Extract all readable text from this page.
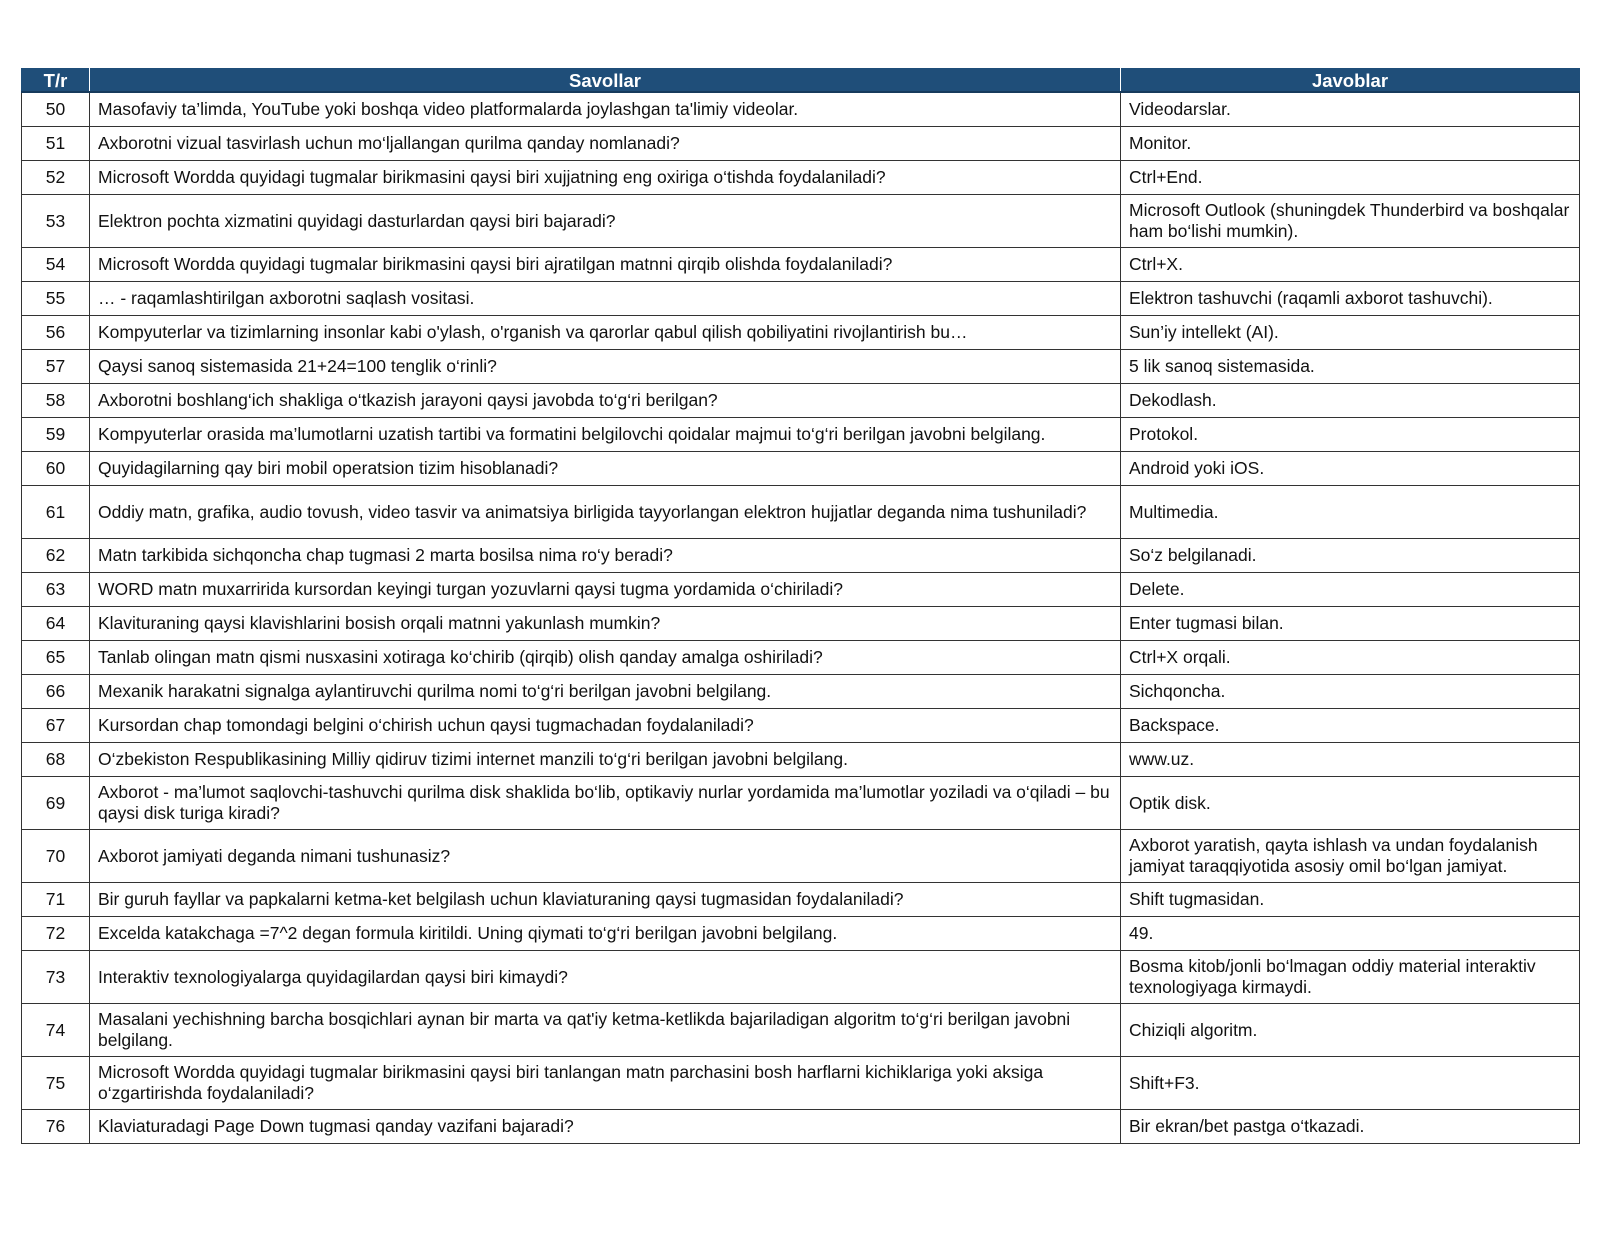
T/r	Savollar	Javoblar
50	Masofaviy ta’limda, YouTube yoki boshqa video platformalarda joylashgan ta'limiy videolar.	Videodarslar.
51	Axborotni vizual tasvirlash uchun mo‘ljallangan qurilma qanday nomlanadi?	Monitor.
52	Microsoft Wordda quyidagi tugmalar birikmasini qaysi biri xujjatning eng oxiriga o‘tishda foydalaniladi?	Ctrl+End.
53	Elektron pochta xizmatini quyidagi dasturlardan qaysi biri bajaradi?	Microsoft Outlook (shuningdek Thunderbird va boshqalar ham bo‘lishi mumkin).
54	Microsoft Wordda quyidagi tugmalar birikmasini qaysi biri ajratilgan matnni qirqib olishda foydalaniladi?	Ctrl+X.
55	… - raqamlashtirilgan axborotni saqlash vositasi.	Elektron tashuvchi (raqamli axborot tashuvchi).
56	Kompyuterlar va tizimlarning insonlar kabi o'ylash, o'rganish va qarorlar qabul qilish qobiliyatini rivojlantirish bu…	Sun’iy intellekt (AI).
57	Qaysi sanoq sistemasida 21+24=100 tenglik o‘rinli?	5 lik sanoq sistemasida.
58	Axborotni boshlang‘ich shakliga o‘tkazish jarayoni qaysi javobda to‘g‘ri berilgan?	Dekodlash.
59	Kompyuterlar orasida ma’lumotlarni uzatish tartibi va formatini belgilovchi qoidalar majmui to‘g‘ri berilgan javobni belgilang.	Protokol.
60	Quyidagilarning qay biri mobil operatsion tizim hisoblanadi?	Android yoki iOS.
61	Oddiy matn, grafika, audio tovush, video tasvir va animatsiya birligida tayyorlangan elektron hujjatlar deganda nima tushuniladi?	Multimedia.
62	Matn tarkibida sichqoncha chap tugmasi 2 marta bosilsa nima ro‘y beradi?	So‘z belgilanadi.
63	WORD matn muxarririda kursordan keyingi turgan yozuvlarni qaysi tugma yordamida o‘chiriladi?	Delete.
64	Klavituraning qaysi klavishlarini bosish orqali matnni yakunlash mumkin?	Enter tugmasi bilan.
65	Tanlab olingan matn qismi nusxasini xotiraga ko‘chirib (qirqib) olish qanday amalga oshiriladi?	Ctrl+X orqali.
66	Mexanik harakatni signalga aylantiruvchi qurilma nomi to‘g‘ri berilgan javobni belgilang.	Sichqoncha.
67	Kursordan chap tomondagi belgini o‘chirish uchun qaysi tugmachadan foydalaniladi?	Backspace.
68	O‘zbekiston Respublikasining Milliy qidiruv tizimi internet manzili to‘g‘ri berilgan javobni belgilang.	www.uz.
69	Axborot - ma’lumot saqlovchi-tashuvchi qurilma disk shaklida bo‘lib, optikaviy nurlar yordamida ma’lumotlar yoziladi va o‘qiladi – bu qaysi disk turiga kiradi?	Optik disk.
70	Axborot jamiyati deganda nimani tushunasiz?	Axborot yaratish, qayta ishlash va undan foydalanish jamiyat taraqqiyotida asosiy omil bo‘lgan jamiyat.
71	Bir guruh fayllar va papkalarni ketma-ket belgilash uchun klaviaturaning qaysi tugmasidan foydalaniladi?	Shift tugmasidan.
72	Excelda katakchaga =7^2 degan formula kiritildi. Uning qiymati to‘g‘ri berilgan javobni belgilang.	49.
73	Interaktiv texnologiyalarga quyidagilardan qaysi biri kimaydi?	Bosma kitob/jonli bo‘lmagan oddiy material interaktiv texnologiyaga kirmaydi.
74	Masalani yechishning barcha bosqichlari aynan bir marta va qat'iy ketma-ketlikda bajariladigan algoritm to‘g‘ri berilgan javobni belgilang.	Chiziqli algoritm.
75	Microsoft Wordda quyidagi tugmalar birikmasini qaysi biri tanlangan matn parchasini bosh harflarni kichiklariga yoki aksiga o‘zgartirishda foydalaniladi?	Shift+F3.
76	Klaviaturadagi Page Down tugmasi qanday vazifani bajaradi?	Bir ekran/bet pastga o‘tkazadi.
